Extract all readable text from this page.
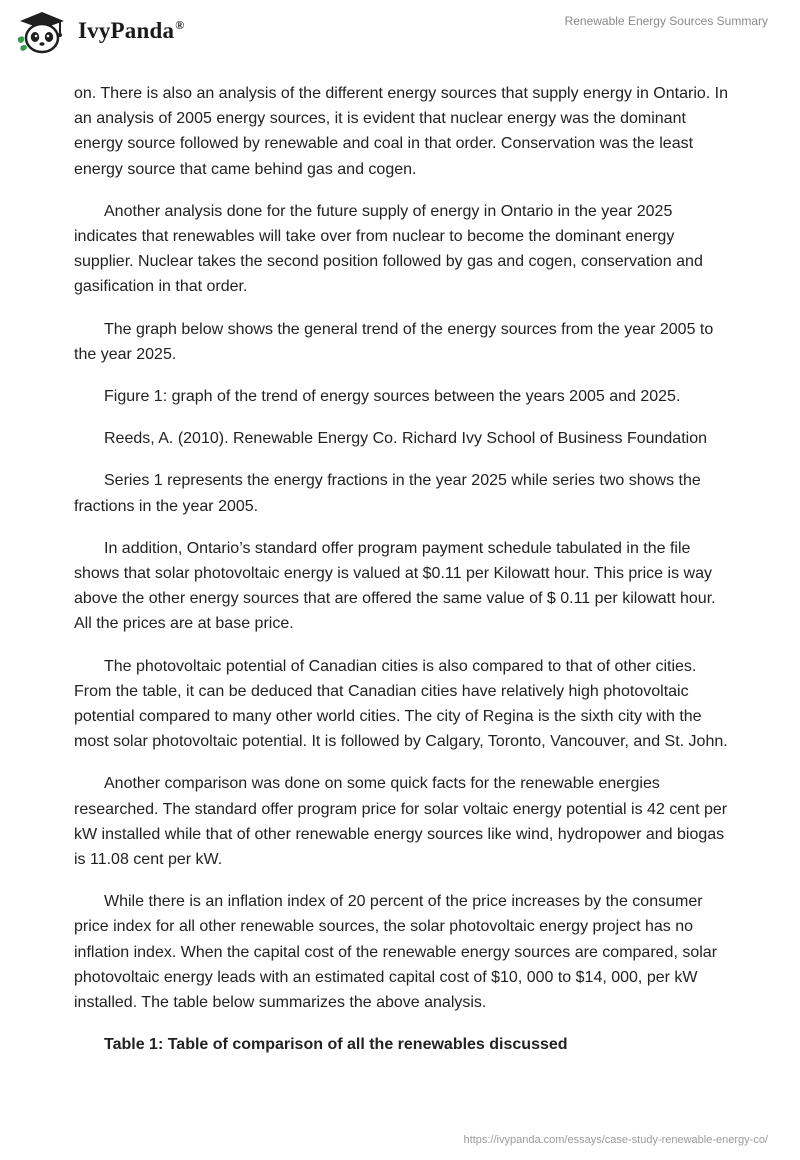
IvyPanda®	Renewable Energy Sources Summary

on. There is also an analysis of the different energy sources that supply energy in Ontario. In an analysis of 2005 energy sources, it is evident that nuclear energy was the dominant energy source followed by renewable and coal in that order. Conservation was the least energy source that came behind gas and cogen.

Another analysis done for the future supply of energy in Ontario in the year 2025 indicates that renewables will take over from nuclear to become the dominant energy supplier. Nuclear takes the second position followed by gas and cogen, conservation and gasification in that order.

The graph below shows the general trend of the energy sources from the year 2005 to the year 2025.

Figure 1: graph of the trend of energy sources between the years 2005 and 2025.

Reeds, A. (2010). Renewable Energy Co. Richard Ivy School of Business Foundation

Series 1 represents the energy fractions in the year 2025 while series two shows the fractions in the year 2005.

In addition, Ontario’s standard offer program payment schedule tabulated in the file shows that solar photovoltaic energy is valued at $0.11 per Kilowatt hour. This price is way above the other energy sources that are offered the same value of $ 0.11 per kilowatt hour. All the prices are at base price.

The photovoltaic potential of Canadian cities is also compared to that of other cities. From the table, it can be deduced that Canadian cities have relatively high photovoltaic potential compared to many other world cities. The city of Regina is the sixth city with the most solar photovoltaic potential. It is followed by Calgary, Toronto, Vancouver, and St. John.

Another comparison was done on some quick facts for the renewable energies researched. The standard offer program price for solar voltaic energy potential is 42 cent per kW installed while that of other renewable energy sources like wind, hydropower and biogas is 11.08 cent per kW.

While there is an inflation index of 20 percent of the price increases by the consumer price index for all other renewable sources, the solar photovoltaic energy project has no inflation index. When the capital cost of the renewable energy sources are compared, solar photovoltaic energy leads with an estimated capital cost of $10, 000 to $14, 000, per kW installed. The table below summarizes the above analysis.

Table 1: Table of comparison of all the renewables discussed

https://ivypanda.com/essays/case-study-renewable-energy-co/
